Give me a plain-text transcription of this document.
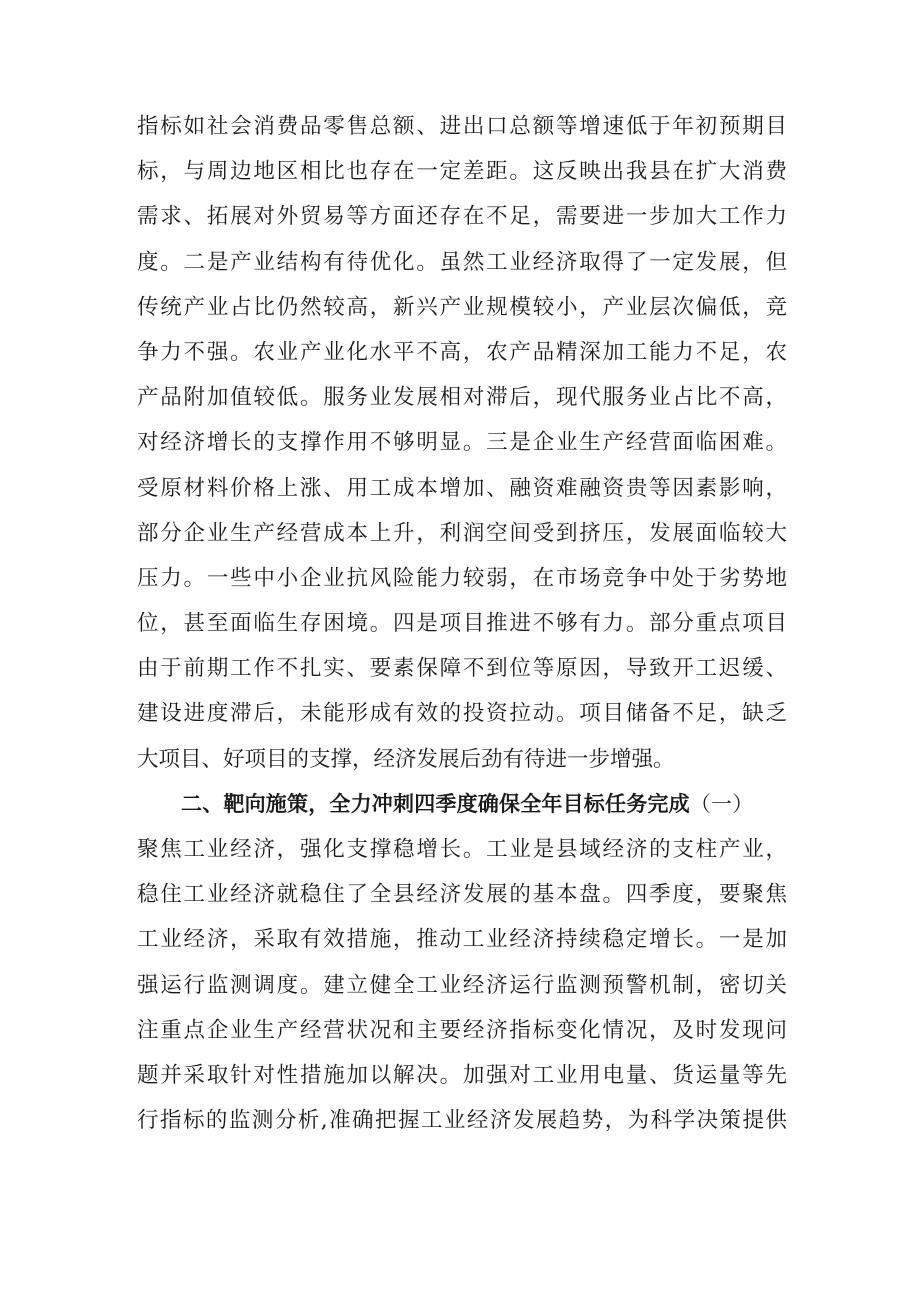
指标如社会消费品零售总额、进出口总额等增速低于年初预期目
标，与周边地区相比也存在一定差距。这反映出我县在扩大消费
需求、拓展对外贸易等方面还存在不足，需要进一步加大工作力
度。二是产业结构有待优化。虽然工业经济取得了一定发展，但
传统产业占比仍然较高，新兴产业规模较小，产业层次偏低，竞
争力不强。农业产业化水平不高，农产品精深加工能力不足，农
产品附加值较低。服务业发展相对滞后，现代服务业占比不高，
对经济增长的支撑作用不够明显。三是企业生产经营面临困难。
受原材料价格上涨、用工成本增加、融资难融资贵等因素影响，
部分企业生产经营成本上升，利润空间受到挤压，发展面临较大
压力。一些中小企业抗风险能力较弱，在市场竞争中处于劣势地
位，甚至面临生存困境。四是项目推进不够有力。部分重点项目
由于前期工作不扎实、要素保障不到位等原因，导致开工迟缓、
建设进度滞后，未能形成有效的投资拉动。项目储备不足，缺乏
大项目、好项目的支撑，经济发展后劲有待进一步增强。
二、靶向施策，全力冲刺四季度确保全年目标任务完成（一）
聚焦工业经济，强化支撑稳增长。工业是县域经济的支柱产业，
稳住工业经济就稳住了全县经济发展的基本盘。四季度，要聚焦
工业经济，采取有效措施，推动工业经济持续稳定增长。一是加
强运行监测调度。建立健全工业经济运行监测预警机制，密切关
注重点企业生产经营状况和主要经济指标变化情况，及时发现问
题并采取针对性措施加以解决。加强对工业用电量、货运量等先
行指标的监测分析,准确把握工业经济发展趋势，为科学决策提供
